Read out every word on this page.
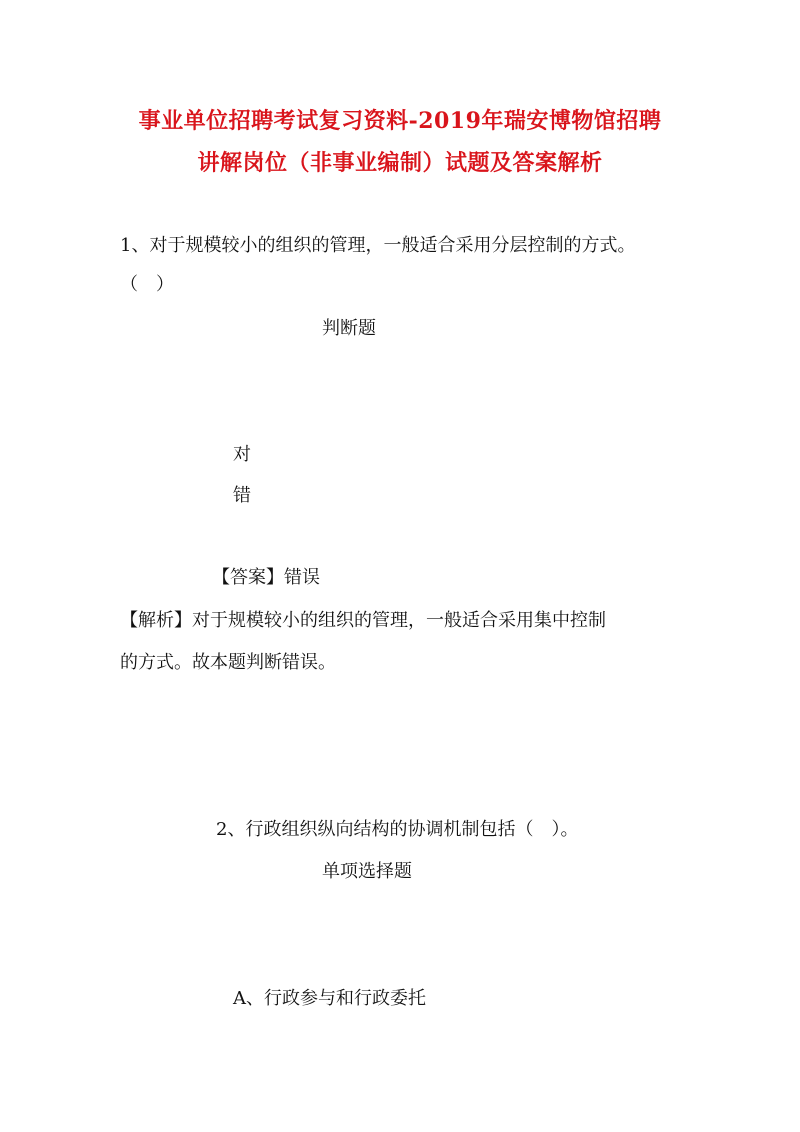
事业单位招聘考试复习资料-2019年瑞安博物馆招聘
讲解岗位（非事业编制）试题及答案解析
1、对于规模较小的组织的管理，一般适合采用分层控制的方式。
（　）
判断题
对
错
【答案】错误
【解析】对于规模较小的组织的管理，一般适合采用集中控制
的方式。故本题判断错误。
2、行政组织纵向结构的协调机制包括（　）。
单项选择题
A、行政参与和行政委托
